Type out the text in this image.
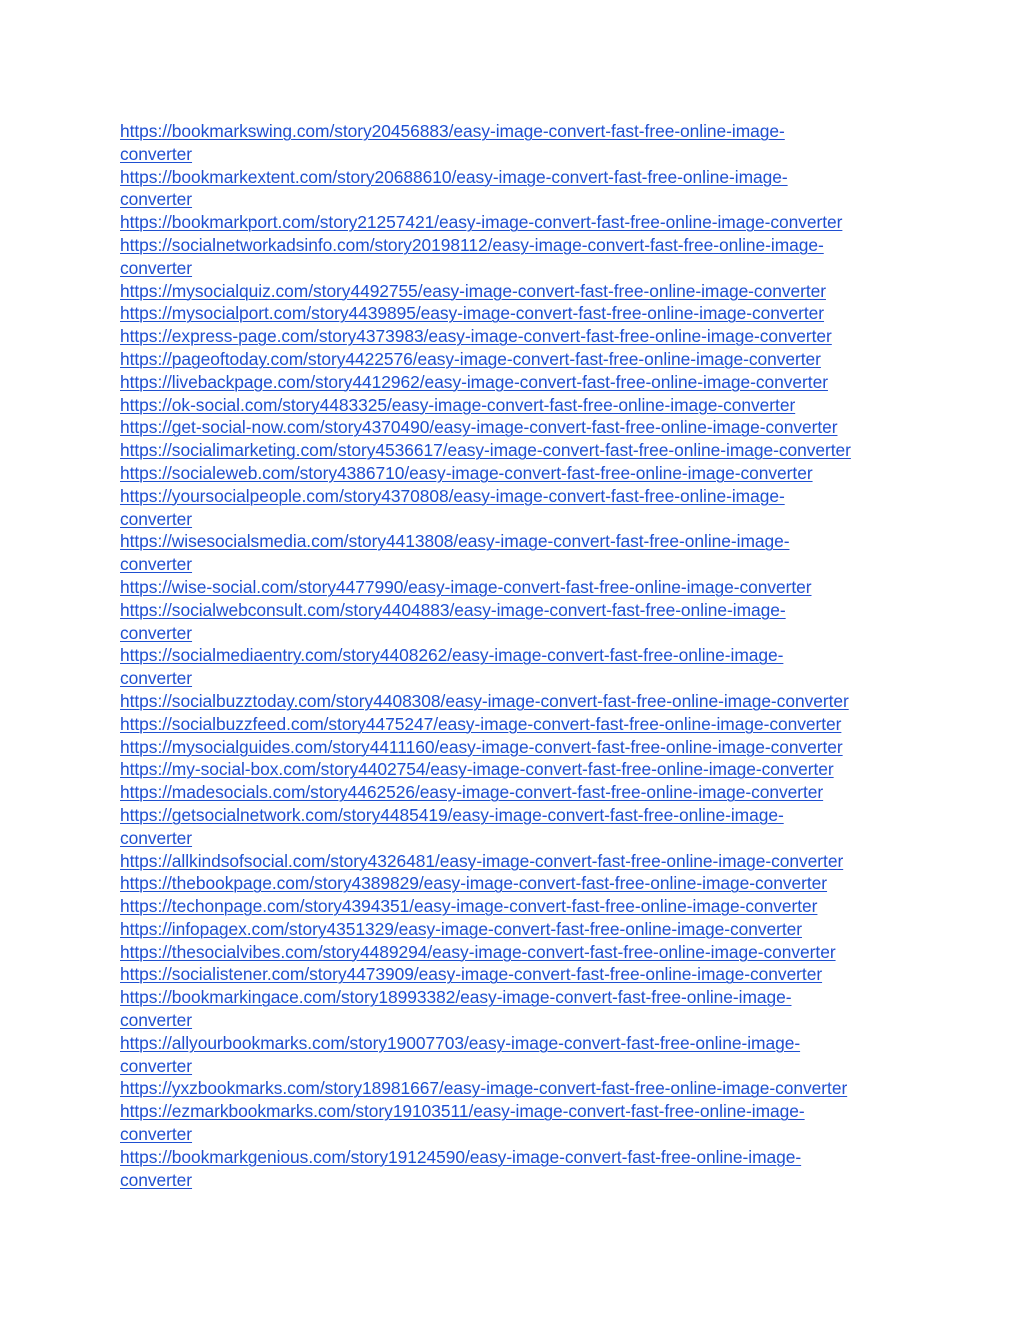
https://bookmarkswing.com/story20456883/easy-image-convert-fast-free-online-image-
converter
https://bookmarkextent.com/story20688610/easy-image-convert-fast-free-online-image-
converter
https://bookmarkport.com/story21257421/easy-image-convert-fast-free-online-image-converter
https://socialnetworkadsinfo.com/story20198112/easy-image-convert-fast-free-online-image-
converter
https://mysocialquiz.com/story4492755/easy-image-convert-fast-free-online-image-converter
https://mysocialport.com/story4439895/easy-image-convert-fast-free-online-image-converter
https://express-page.com/story4373983/easy-image-convert-fast-free-online-image-converter
https://pageoftoday.com/story4422576/easy-image-convert-fast-free-online-image-converter
https://livebackpage.com/story4412962/easy-image-convert-fast-free-online-image-converter
https://ok-social.com/story4483325/easy-image-convert-fast-free-online-image-converter
https://get-social-now.com/story4370490/easy-image-convert-fast-free-online-image-converter
https://socialimarketing.com/story4536617/easy-image-convert-fast-free-online-image-converter
https://socialeweb.com/story4386710/easy-image-convert-fast-free-online-image-converter
https://yoursocialpeople.com/story4370808/easy-image-convert-fast-free-online-image-
converter
https://wisesocialsmedia.com/story4413808/easy-image-convert-fast-free-online-image-
converter
https://wise-social.com/story4477990/easy-image-convert-fast-free-online-image-converter
https://socialwebconsult.com/story4404883/easy-image-convert-fast-free-online-image-
converter
https://socialmediaentry.com/story4408262/easy-image-convert-fast-free-online-image-
converter
https://socialbuzztoday.com/story4408308/easy-image-convert-fast-free-online-image-converter
https://socialbuzzfeed.com/story4475247/easy-image-convert-fast-free-online-image-converter
https://mysocialguides.com/story4411160/easy-image-convert-fast-free-online-image-converter
https://my-social-box.com/story4402754/easy-image-convert-fast-free-online-image-converter
https://madesocials.com/story4462526/easy-image-convert-fast-free-online-image-converter
https://getsocialnetwork.com/story4485419/easy-image-convert-fast-free-online-image-
converter
https://allkindsofsocial.com/story4326481/easy-image-convert-fast-free-online-image-converter
https://thebookpage.com/story4389829/easy-image-convert-fast-free-online-image-converter
https://techonpage.com/story4394351/easy-image-convert-fast-free-online-image-converter
https://infopagex.com/story4351329/easy-image-convert-fast-free-online-image-converter
https://thesocialvibes.com/story4489294/easy-image-convert-fast-free-online-image-converter
https://socialistener.com/story4473909/easy-image-convert-fast-free-online-image-converter
https://bookmarkingace.com/story18993382/easy-image-convert-fast-free-online-image-
converter
https://allyourbookmarks.com/story19007703/easy-image-convert-fast-free-online-image-
converter
https://yxzbookmarks.com/story18981667/easy-image-convert-fast-free-online-image-converter
https://ezmarkbookmarks.com/story19103511/easy-image-convert-fast-free-online-image-
converter
https://bookmarkgenious.com/story19124590/easy-image-convert-fast-free-online-image-
converter
